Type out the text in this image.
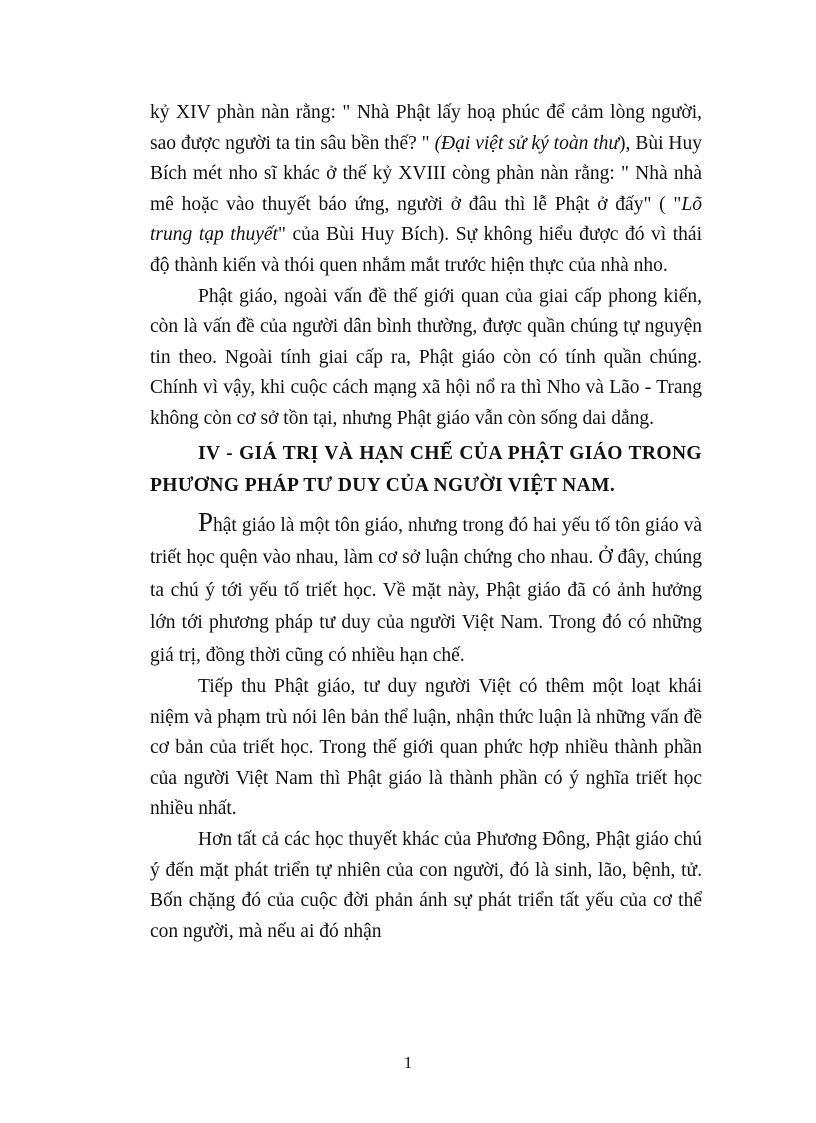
kỷ XIV phàn nàn rằng: " Nhà Phật lấy hoạ phúc để cảm lòng người, sao được người ta tin sâu bền thế? " (Đại việt sử ký toàn thư), Bùi Huy Bích mét nho sĩ khác ở thế kỷ XVIII còng phàn nàn rằng: " Nhà nhà mê hoặc vào thuyết báo ứng, người ở đâu thì lễ Phật ở đấy" ( "Lõ trung tạp thuyết" của Bùi Huy Bích). Sự không hiểu được đó vì thái độ thành kiến và thói quen nhắm mắt trước hiện thực của nhà nho.

Phật giáo, ngoài vấn đề thế giới quan của giai cấp phong kiến, còn là vấn đề của người dân bình thường, được quần chúng tự nguyện tin theo. Ngoài tính giai cấp ra, Phật giáo còn có tính quần chúng. Chính vì vậy, khi cuộc cách mạng xã hội nổ ra thì Nho và Lão - Trang không còn cơ sở tồn tại, nhưng Phật giáo vẫn còn sống dai dẳng.

IV - GIÁ TRỊ VÀ HẠN CHẾ CỦA PHẬT GIÁO TRONG PHƯƠNG PHÁP TƯ DUY CỦA NGƯỜI VIỆT NAM.

Phật giáo là một tôn giáo, nhưng trong đó hai yếu tố tôn giáo và triết học quện vào nhau, làm cơ sở luận chứng cho nhau. Ở đây, chúng ta chú ý tới yếu tố triết học. Về mặt này, Phật giáo đã có ảnh hưởng lớn tới phương pháp tư duy của người Việt Nam. Trong đó có những giá trị, đồng thời cũng có nhiều hạn chế.

Tiếp thu Phật giáo, tư duy người Việt có thêm một loạt khái niệm và phạm trù nói lên bản thể luận, nhận thức luận là những vấn đề cơ bản của triết học. Trong thế giới quan phức hợp nhiều thành phần của người Việt Nam thì Phật giáo là thành phần có ý nghĩa triết học nhiều nhất.

Hơn tất cả các học thuyết khác của Phương Đông, Phật giáo chú ý đến mặt phát triển tự nhiên của con người, đó là sinh, lão, bệnh, tử. Bốn chặng đó của cuộc đời phản ánh sự phát triển tất yếu của cơ thể con người, mà nếu ai đó nhận

1
